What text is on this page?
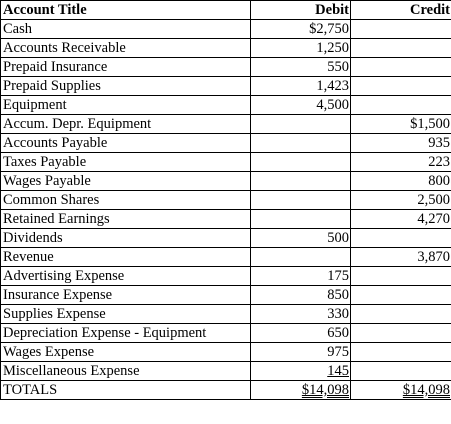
Account Title	Debit	Credit
Cash	$2,750	
Accounts Receivable	1,250	
Prepaid Insurance	550	
Prepaid Supplies	1,423	
Equipment	4,500	
Accum. Depr. Equipment		$1,500
Accounts Payable		935
Taxes Payable		223
Wages Payable		800
Common Shares		2,500
Retained Earnings		4,270
Dividends	500	
Revenue		3,870
Advertising Expense	175	
Insurance Expense	850	
Supplies Expense	330	
Depreciation Expense - Equipment	650	
Wages Expense	975	
Miscellaneous Expense	145	
TOTALS	$14,098	$14,098
